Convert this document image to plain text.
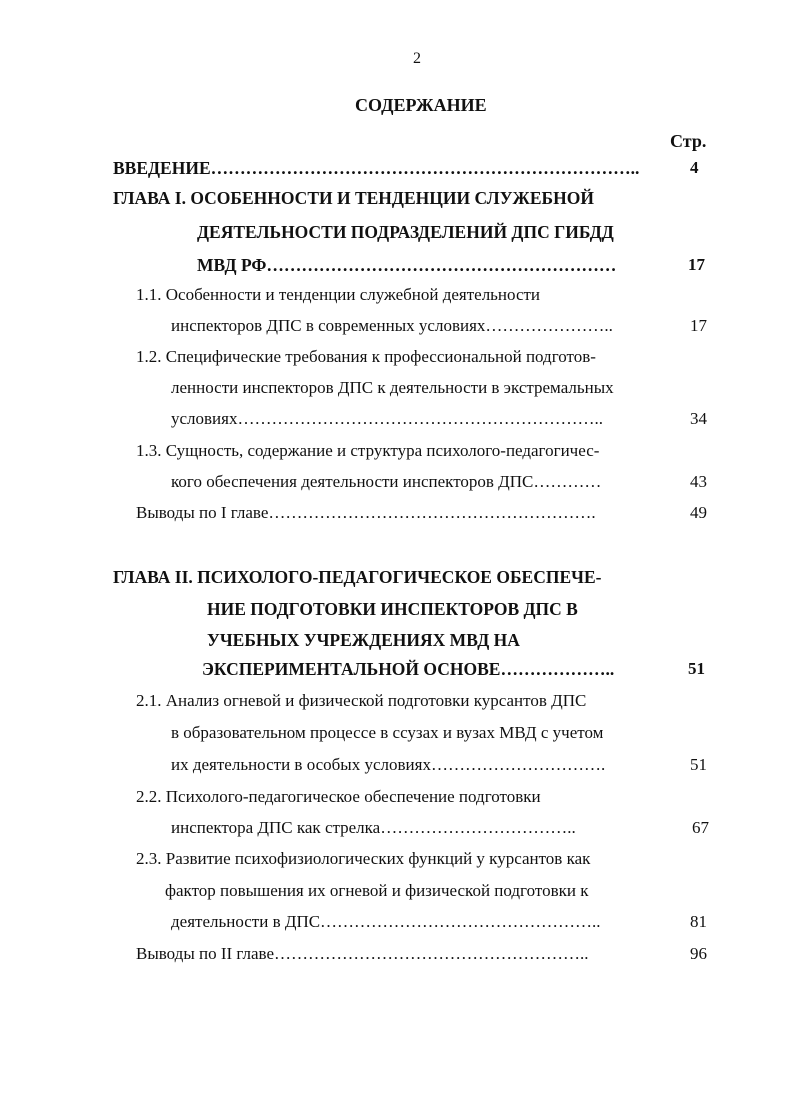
2
СОДЕРЖАНИЕ
Стр.
ВВЕДЕНИЕ………………………………………………………………..	4
ГЛАВА I. ОСОБЕННОСТИ И ТЕНДЕНЦИИ СЛУЖЕБНОЙ
ДЕЯТЕЛЬНОСТИ ПОДРАЗДЕЛЕНИЙ ДПС ГИБДД
МВД РФ……………………………………………………	17
1.1. Особенности и тенденции служебной деятельности
инспекторов ДПС в современных условиях…………………..	17
1.2. Специфические требования к профессиональной подготов-
ленности инспекторов ДПС к деятельности в экстремальных
условиях………………………………………………………..	34
1.3. Сущность, содержание и структура психолого-педагогичес-
кого обеспечения деятельности инспекторов ДПС…………	43
Выводы по I главе………………………………………………….	49
ГЛАВА II. ПСИХОЛОГО-ПЕДАГОГИЧЕСКОЕ ОБЕСПЕЧЕ-
НИЕ ПОДГОТОВКИ ИНСПЕКТОРОВ ДПС В
УЧЕБНЫХ УЧРЕЖДЕНИЯХ МВД НА
ЭКСПЕРИМЕНТАЛЬНОЙ ОСНОВЕ………………..	51
2.1. Анализ огневой и физической подготовки курсантов ДПС
в образовательном процессе в ссузах и вузах МВД с учетом
их деятельности в особых условиях………………………….	51
2.2. Психолого-педагогическое обеспечение подготовки
инспектора ДПС как стрелка……………………………..	67
2.3. Развитие психофизиологических функций у курсантов как
фактор повышения их огневой и физической подготовки к
деятельности в ДПС…………………………………………..	81
Выводы по II главе………………………………………………..	96
